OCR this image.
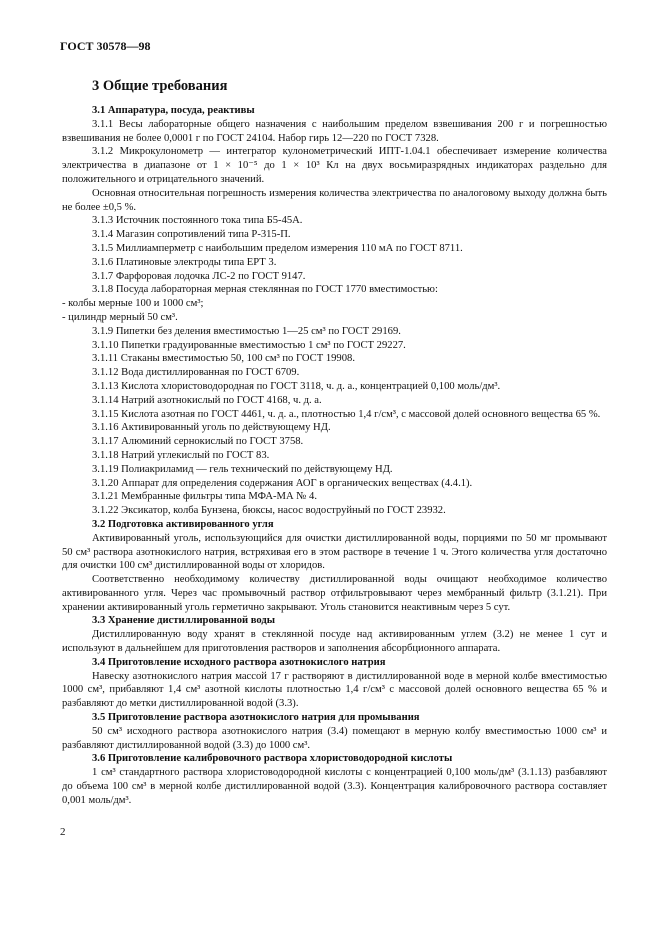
ГОСТ 30578—98
3 Общие требования

3.1 Аппаратура, посуда, реактивы

3.1.1 Весы лабораторные общего назначения с наибольшим пределом взвешивания 200 г и погрешностью взвешивания не более 0,0001 г по ГОСТ 24104. Набор гирь 12—220 по ГОСТ 7328.

3.1.2 Микрокулонометр — интегратор кулонометрический ИПТ-1.04.1 обеспечивает измерение количества электричества в диапазоне от 1 × 10⁻⁵ до 1 × 10³ Кл на двух восьмиразрядных индикаторах раздельно для положительного и отрицательного значений.

Основная относительная погрешность измерения количества электричества по аналоговому выходу должна быть не более ±0,5 %.

3.1.3 Источник постоянного тока типа Б5-45А.

3.1.4 Магазин сопротивлений типа Р-315-П.

3.1.5 Миллиамперметр с наибольшим пределом измерения 110 мА по ГОСТ 8711.

3.1.6 Платиновые электроды типа ЕРТ 3.

3.1.7 Фарфоровая лодочка ЛС-2 по ГОСТ 9147.

3.1.8 Посуда лабораторная мерная стеклянная по ГОСТ 1770 вместимостью:

- колбы мерные 100 и 1000 см³;

- цилиндр мерный 50 см³.

3.1.9 Пипетки без деления вместимостью 1—25 см³ по ГОСТ 29169.

3.1.10 Пипетки градуированные вместимостью 1 см³ по ГОСТ 29227.

3.1.11 Стаканы вместимостью 50, 100 см³ по ГОСТ 19908.

3.1.12 Вода дистиллированная по ГОСТ 6709.

3.1.13 Кислота хлористоводородная по ГОСТ 3118, ч. д. а., концентрацией 0,100 моль/дм³.

3.1.14 Натрий азотнокислый по ГОСТ 4168, ч. д. а.

3.1.15 Кислота азотная по ГОСТ 4461, ч. д. а., плотностью 1,4 г/см³, с массовой долей основного вещества 65 %.

3.1.16 Активированный уголь по действующему НД.

3.1.17 Алюминий сернокислый по ГОСТ 3758.

3.1.18 Натрий углекислый по ГОСТ 83.

3.1.19 Полиакриламид — гель технический по действующему НД.

3.1.20 Аппарат для определения содержания АОГ в органических веществах (4.4.1).

3.1.21 Мембранные фильтры типа МФА-МА № 4.

3.1.22 Эксикатор, колба Бунзена, бюксы, насос водоструйный по ГОСТ 23932.

3.2 Подготовка активированного угля

Активированный уголь, использующийся для очистки дистиллированной воды, порциями по 50 мг промывают 50 см³ раствора азотнокислого натрия, встряхивая его в этом растворе в течение 1 ч. Этого количества угля достаточно для очистки 100 см³ дистиллированной воды от хлоридов.

Соответственно необходимому количеству дистиллированной воды очищают необходимое количество активированного угля. Через час промывочный раствор отфильтровывают через мембранный фильтр (3.1.21). При хранении активированный уголь герметично закрывают. Уголь становится неактивным через 5 сут.

3.3 Хранение дистиллированной воды

Дистиллированную воду хранят в стеклянной посуде над активированным углем (3.2) не менее 1 сут и используют в дальнейшем для приготовления растворов и заполнения абсорбционного аппарата.

3.4 Приготовление исходного раствора азотнокислого натрия

Навеску азотнокислого натрия массой 17 г растворяют в дистиллированной воде в мерной колбе вместимостью 1000 см³, прибавляют 1,4 см³ азотной кислоты плотностью 1,4 г/см³ с массовой долей основного вещества 65 % и разбавляют до метки дистиллированной водой (3.3).

3.5 Приготовление раствора азотнокислого натрия для промывания

50 см³ исходного раствора азотнокислого натрия (3.4) помещают в мерную колбу вместимостью 1000 см³ и разбавляют дистиллированной водой (3.3) до 1000 см³.

3.6 Приготовление калибровочного раствора хлористоводородной кислоты

1 см³ стандартного раствора хлористоводородной кислоты с концентрацией 0,100 моль/дм³ (3.1.13) разбавляют до объема 100 см³ в мерной колбе дистиллированной водой (3.3). Концентрация калибровочного раствора составляет 0,001 моль/дм³.

2
